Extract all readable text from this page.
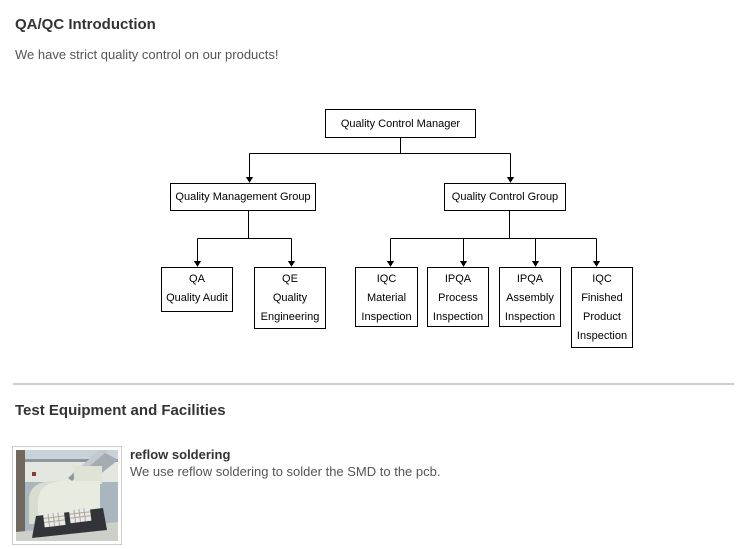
QA/QC Introduction
We have strict quality control on our products!
Quality Control Manager
Quality Management Group	Quality Control Group
QA
Quality Audit
QE
Quality
Engineering
IQC
Material
Inspection
IPQA
Process
Inspection
IPQA
Assembly
Inspection
IQC
Finished
Product
Inspection
Test Equipment and Facilities
reflow soldering
We use reflow soldering to solder the SMD to the pcb.
